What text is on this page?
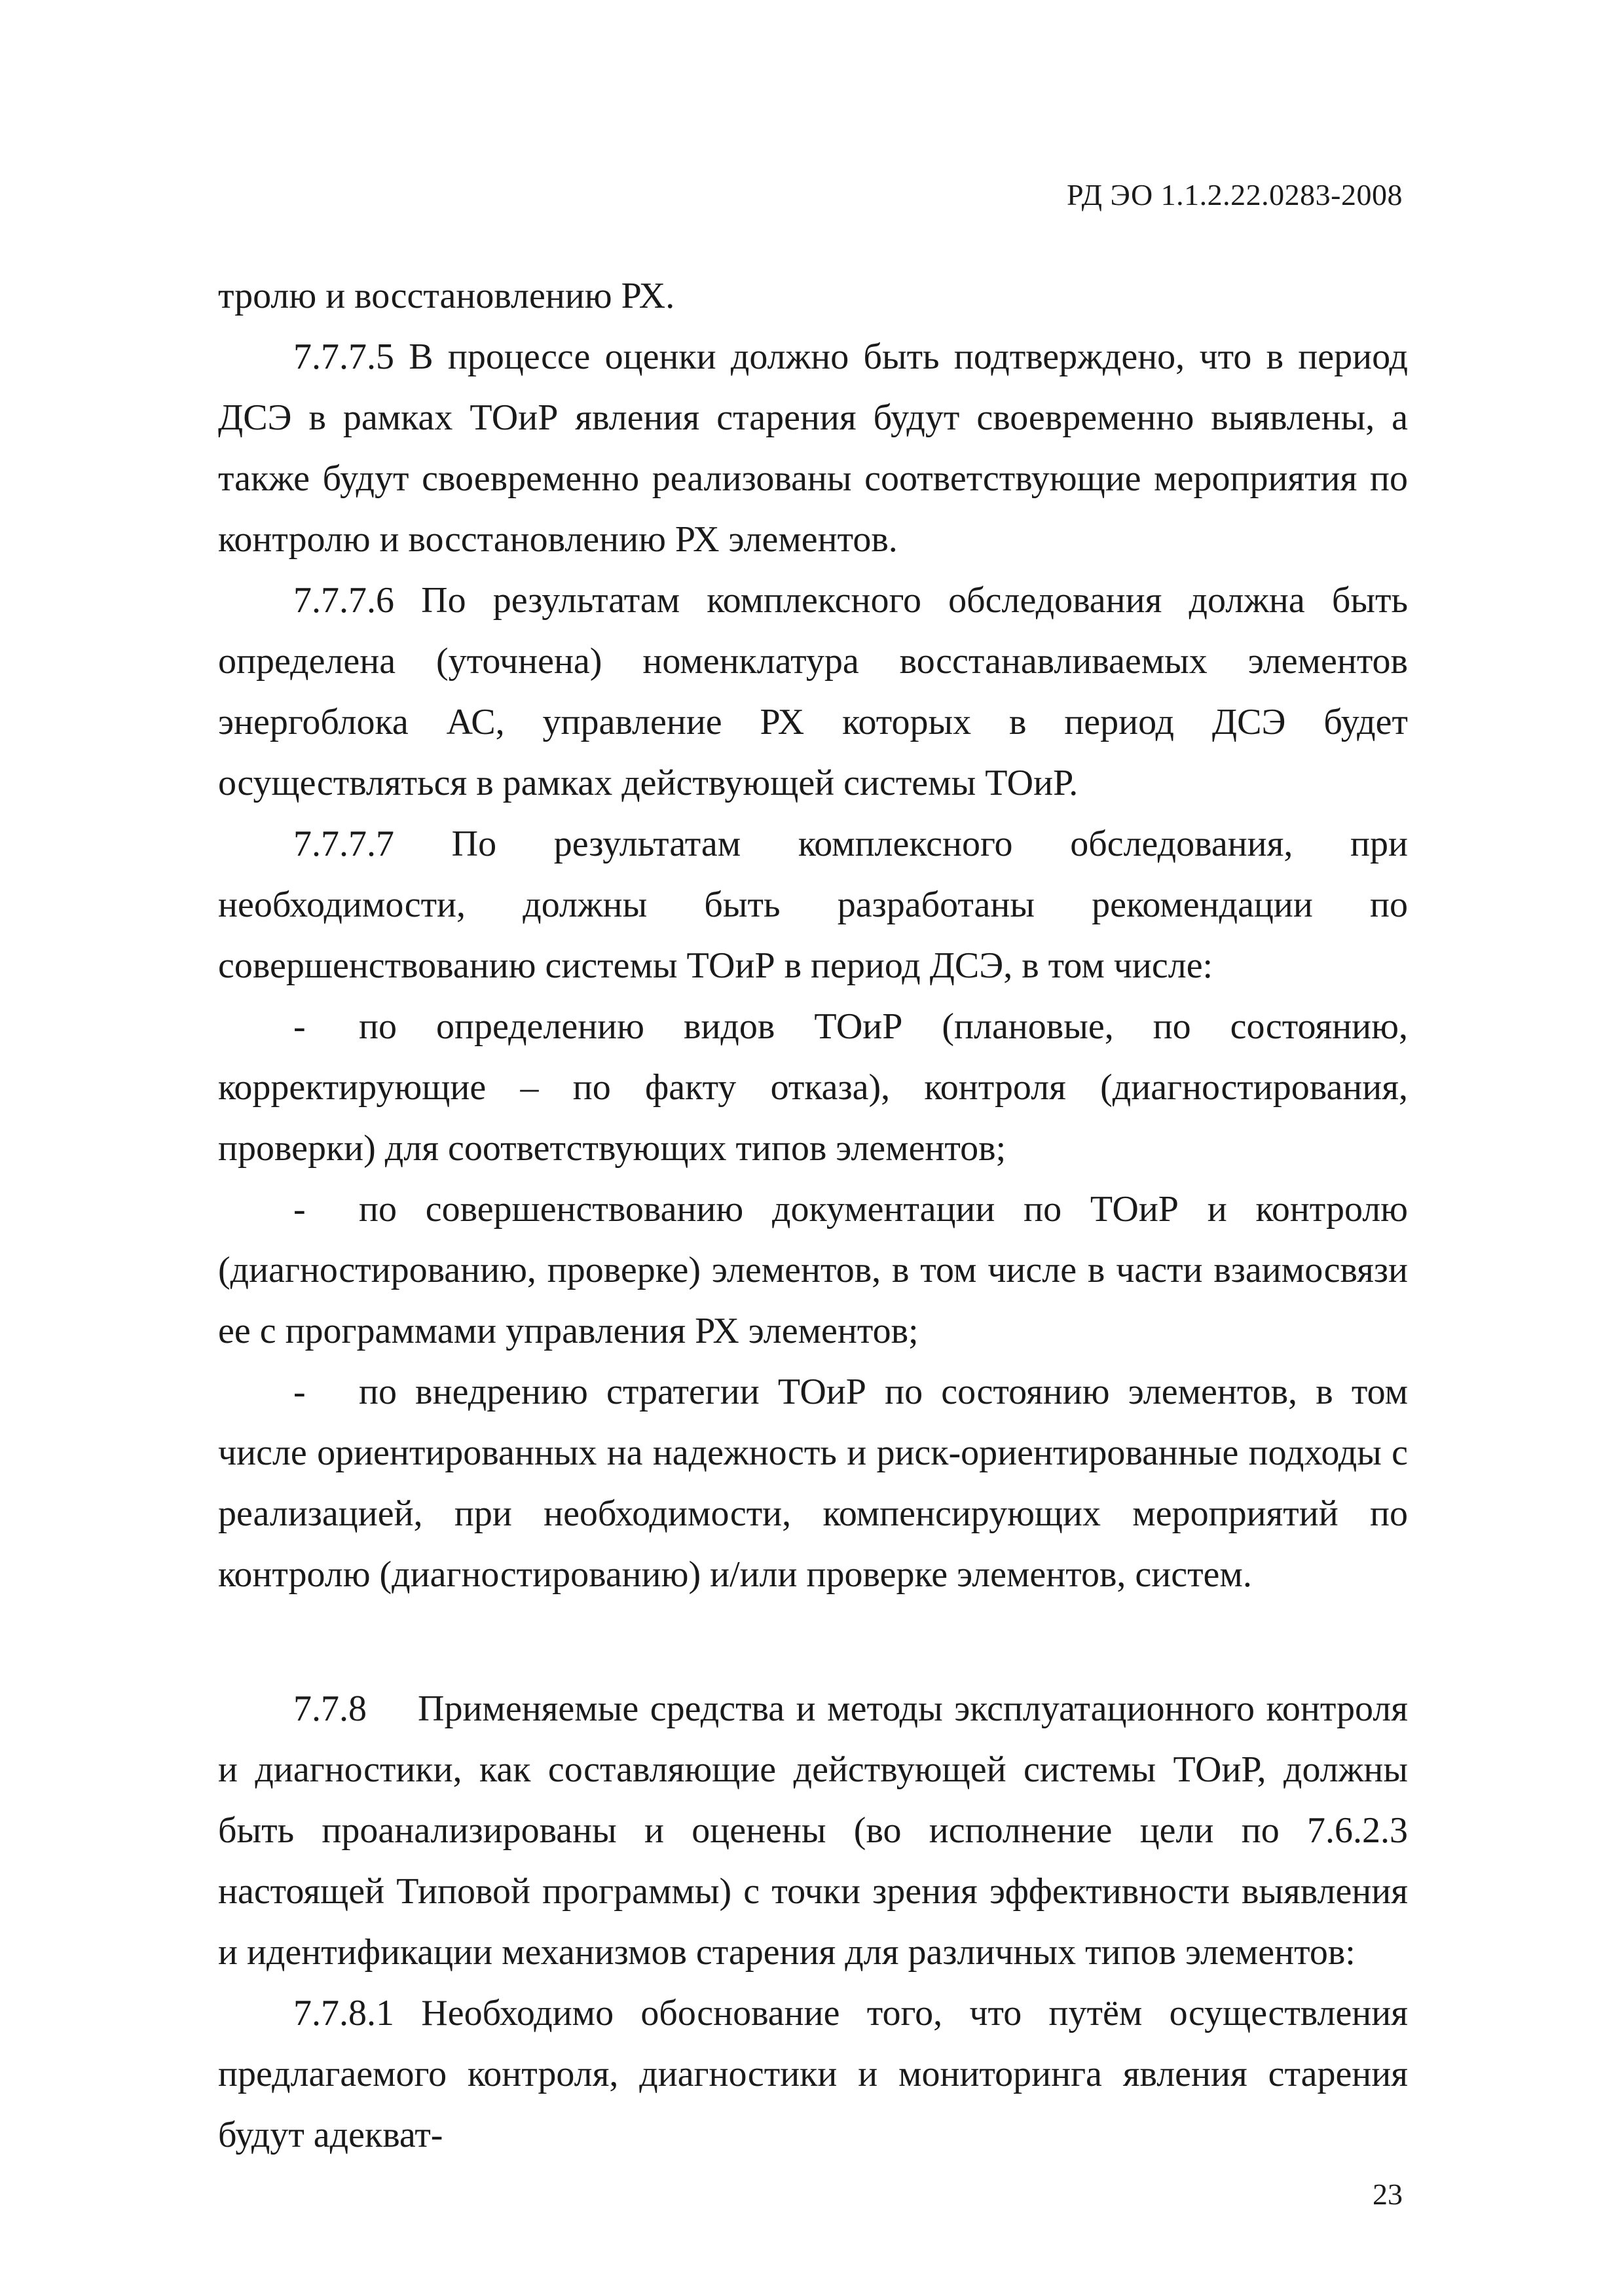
РД ЭО 1.1.2.22.0283-2008

тролю и восстановлению РХ.

7.7.7.5 В процессе оценки должно быть подтверждено, что в период ДСЭ в рамках ТОиР явления старения будут своевременно выявлены, а также будут своевременно реализованы соответствующие мероприятия по контролю и восстановлению РХ элементов.

7.7.7.6 По результатам комплексного обследования должна быть определена (уточнена) номенклатура восстанавливаемых элементов энергоблока АС, управление РХ которых в период ДСЭ будет осуществляться в рамках действующей системы ТОиР.

7.7.7.7 По результатам комплексного обследования, при необходимости, должны быть разработаны рекомендации по совершенствованию системы ТОиР в период ДСЭ, в том числе:

- по определению видов ТОиР (плановые, по состоянию, корректирующие – по факту отказа), контроля (диагностирования, проверки) для соответствующих типов элементов;

- по совершенствованию документации по ТОиР и контролю (диагностированию, проверке) элементов, в том числе в части взаимосвязи ее с программами управления РХ элементов;

- по внедрению стратегии ТОиР по состоянию элементов, в том числе ориентированных на надежность и риск-ориентированные подходы с реализацией, при необходимости, компенсирующих мероприятий по контролю (диагностированию) и/или проверке элементов, систем.

7.7.8 Применяемые средства и методы эксплуатационного контроля и диагностики, как составляющие действующей системы ТОиР, должны быть проанализированы и оценены (во исполнение цели по 7.6.2.3 настоящей Типовой программы) с точки зрения эффективности выявления и идентификации механизмов старения для различных типов элементов:

7.7.8.1 Необходимо обоснование того, что путём осуществления предлагаемого контроля, диагностики и мониторинга явления старения будут адекват-

23
